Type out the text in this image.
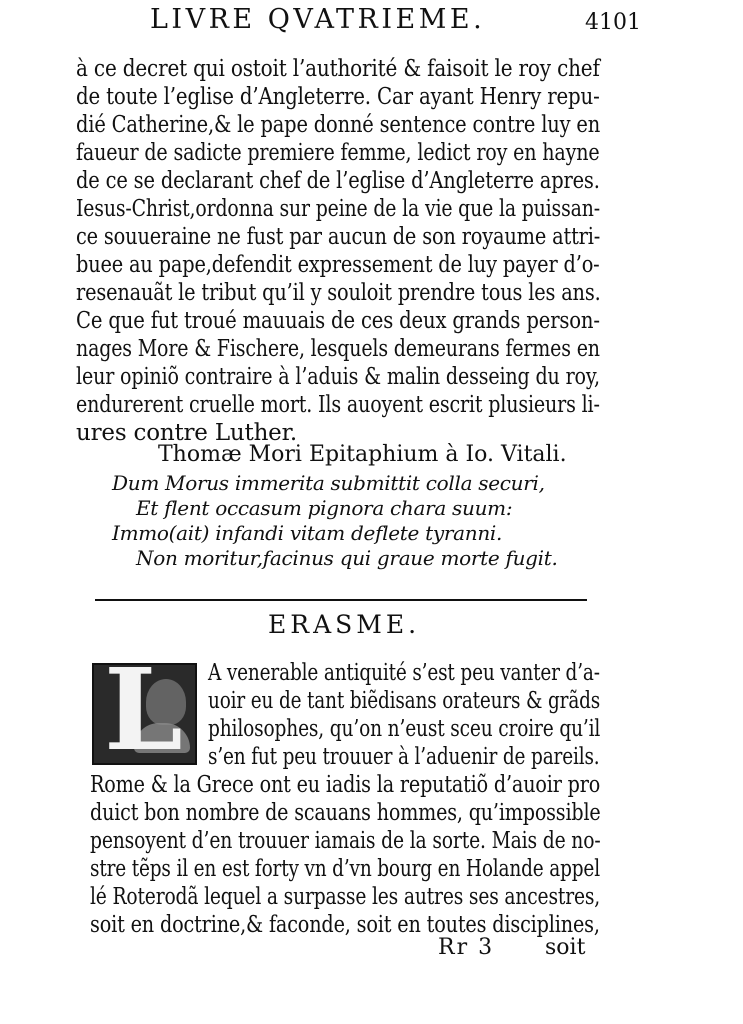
LIVRE QVATRIEME.	4101
à ce decret qui ostoit l’authorité & faisoit le roy chef
de toute l’eglise d’Angleterre. Car ayant Henry repu-
dié Catherine,& le pape donné sentence contre luy en
faueur de sadicte premiere femme, ledict roy en hayne
de ce se declarant chef de l’eglise d’Angleterre apres.
Iesus-Christ,ordonna sur peine de la vie que la puissan-
ce souueraine ne fust par aucun de son royaume attri-
buee au pape,defendit expressement de luy payer d’o-
resenauãt le tribut qu’il y souloit prendre tous les ans.
Ce que fut troué mauuais de ces deux grands person-
nages More & Fischere, lesquels demeurans fermes en
leur opiniõ contraire à l’aduis & malin desseing du roy,
endurerent cruelle mort. Ils auoyent escrit plusieurs li-
ures contre Luther.
Thomæ Mori Epitaphium à Io. Vitali.
Dum Morus immerita submittit colla securi,
Et flent occasum pignora chara suum:
Immo(ait) infandi vitam deflete tyranni.
Non moritur,facinus qui graue morte fugit.
ERASME.
L A venerable antiquité s’est peu vanter d’a-
uoir eu de tant biẽdisans orateurs & grãds
philosophes, qu’on n’eust sceu croire qu’il
s’en fut peu trouuer à l’aduenir de pareils.
Rome & la Grece ont eu iadis la reputatiõ d’auoir pro
duict bon nombre de scauans hommes, qu’impossible
pensoyent d’en trouuer iamais de la sorte. Mais de no-
stre tẽps il en est forty vn d’vn bourg en Holande appel
lé Roterodã lequel a surpasse les autres ses ancestres,
soit en doctrine,& faconde, soit en toutes disciplines,
Rr 3 soit
